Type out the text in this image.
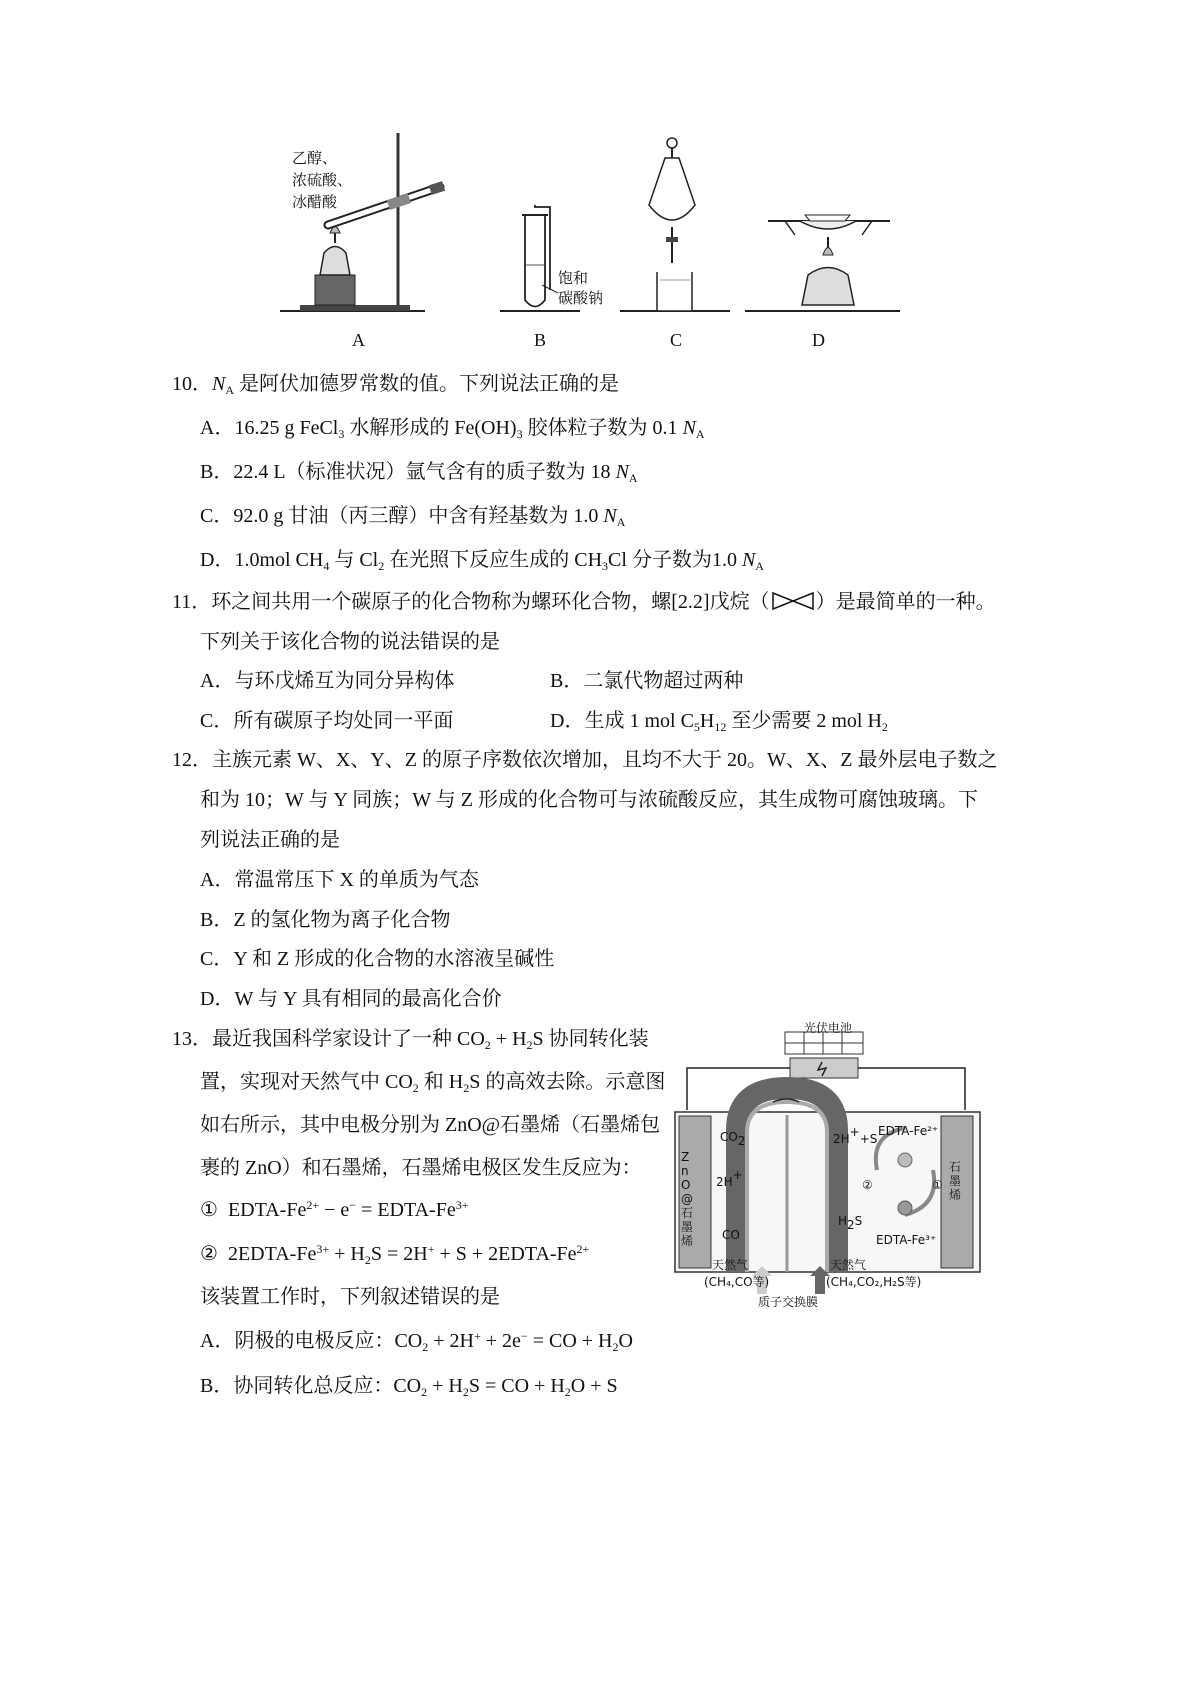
乙醇、
浓硫酸、
冰醋酸
饱和
碳酸钠
A	B	C	D
10．$N_A$ 是阿伏加德罗常数的值。下列说法正确的是
A．16.25 g FeCl$_3$ 水解形成的 $Fe(OH)_3$ 胶体粒子数为 0.1 $N_A$
B．22.4 L（标准状况）氩气含有的质子数为 18 $N_A$
C．92.0 g 甘油（丙三醇）中含有羟基数为 1.0 $N_A$
D．1.0mol $CH_4$ 与 $Cl_2$ 在光照下反应生成的 $CH_3Cl$ 分子数为1.0 $N_A$
11．环之间共用一个碳原子的化合物称为螺环化合物，螺[2.2]戊烷（ ）是最简单的一种。
下列关于该化合物的说法错误的是
A．与环戊烯互为同分异构体	B．二氯代物超过两种
C．所有碳原子均处同一平面	D．生成 1 mol $C_5H_{12}$ 至少需要 2 mol $H_2$
12．主族元素 W、X、Y、Z 的原子序数依次增加，且均不大于 20。W、X、Z 最外层电子数之
和为 10；W 与 Y 同族；W 与 Z 形成的化合物可与浓硫酸反应，其生成物可腐蚀玻璃。下
列说法正确的是
A．常温常压下 X 的单质为气态
B．Z 的氢化物为离子化合物
C．Y 和 Z 形成的化合物的水溶液呈碱性
D．W 与 Y 具有相同的最高化合价
13．最近我国科学家设计了一种 $CO_2 + H_2S$ 协同转化装
置，实现对天然气中 $CO_2$ 和 $H_2S$ 的高效去除。示意图
如右所示，其中电极分别为 ZnO@石墨烯（石墨烯包
裹的 ZnO）和石墨烯，石墨烯电极区发生反应为：
①  EDTA-$Fe^{2+} - e^-$ = EDTA-$Fe^{3+}$
②  $2EDTA-Fe^{3+} + H_2S = 2H^+ + S$ + $2EDTA-Fe^{2+}$
该装置工作时，下列叙述错误的是
A．阴极的电极反应：$CO_2 + 2H^+ + 2e^-$ = CO + $H_2O$
B．协同转化总反应：$CO_2 + H_2S$ = CO + $H_2O + S$
光伏电池
ZnO@石墨烯
石墨烯
$CO_2$
2H+
CO
2H++S
$H_2S$
EDTA-Fe²⁺
EDTA-Fe³⁺
②	①
天然气
(CH₄,CO等)
天然气
(CH₄,CO₂,H₂S等)
质子交换膜
